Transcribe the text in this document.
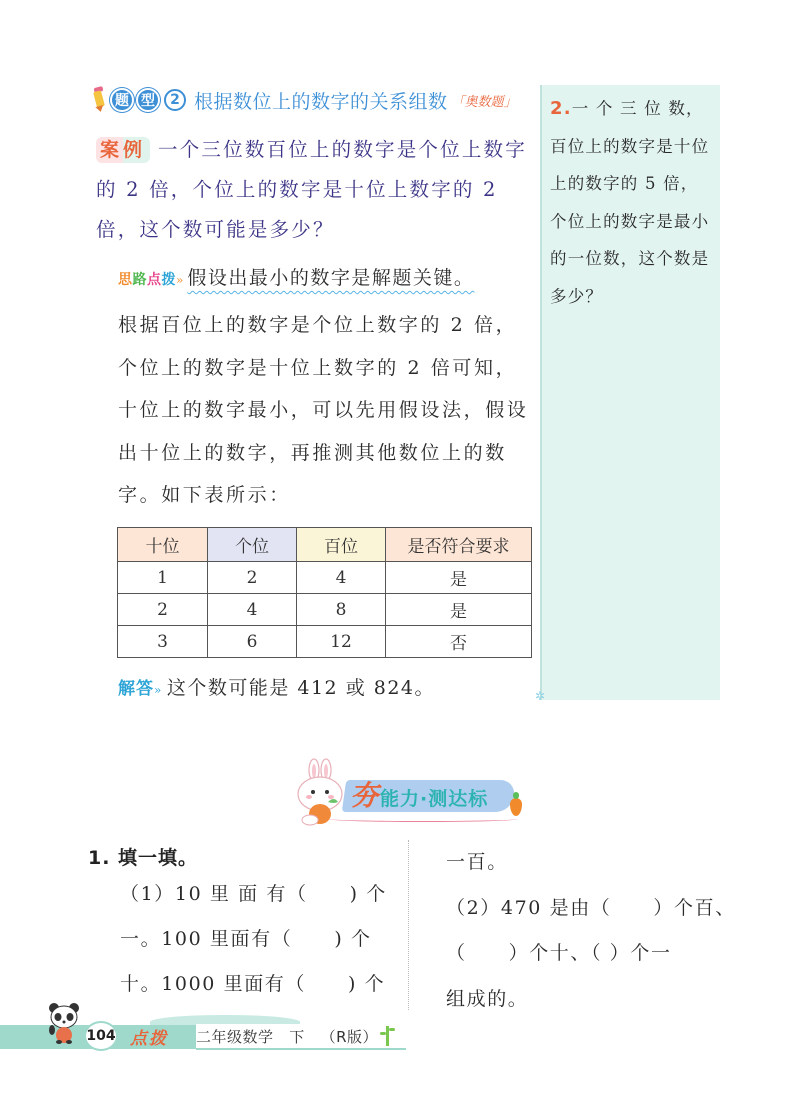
题 型	2 根据数位上的数字的关系组数 「奥数题」
案例 一个三位数百位上的数字是个位上数字的 2 倍，个位上的数字是十位上数字的 2 倍，这个数可能是多少？
思路点拨» 假设出最小的数字是解题关键。
根据百位上的数字是个位上数字的 2 倍，个位上的数字是十位上数字的 2 倍可知，十位上的数字最小，可以先用假设法，假设出十位上的数字，再推测其他数位上的数字。如下表所示：
十位	个位	百位	是否符合要求
1	2	4	是
2	4	8	是
3	6	12	否
解答» 这个数可能是 412 或 824。	✲
2.一 个 三 位 数，百位上的数字是十位上的数字的 5 倍，个位上的数字是最小的一位数，这个数是多少？
夯 能力·测达标
1. 填一填。
（1）10 里 面 有（ ) 个
一。100 里面有（ ) 个
十。1000 里面有（ ) 个
一百。
（2）470 是由（ ）个百、
（ ）个十、（ ）个一
组成的。
104 点拨 二年级数学   下   （R版）
